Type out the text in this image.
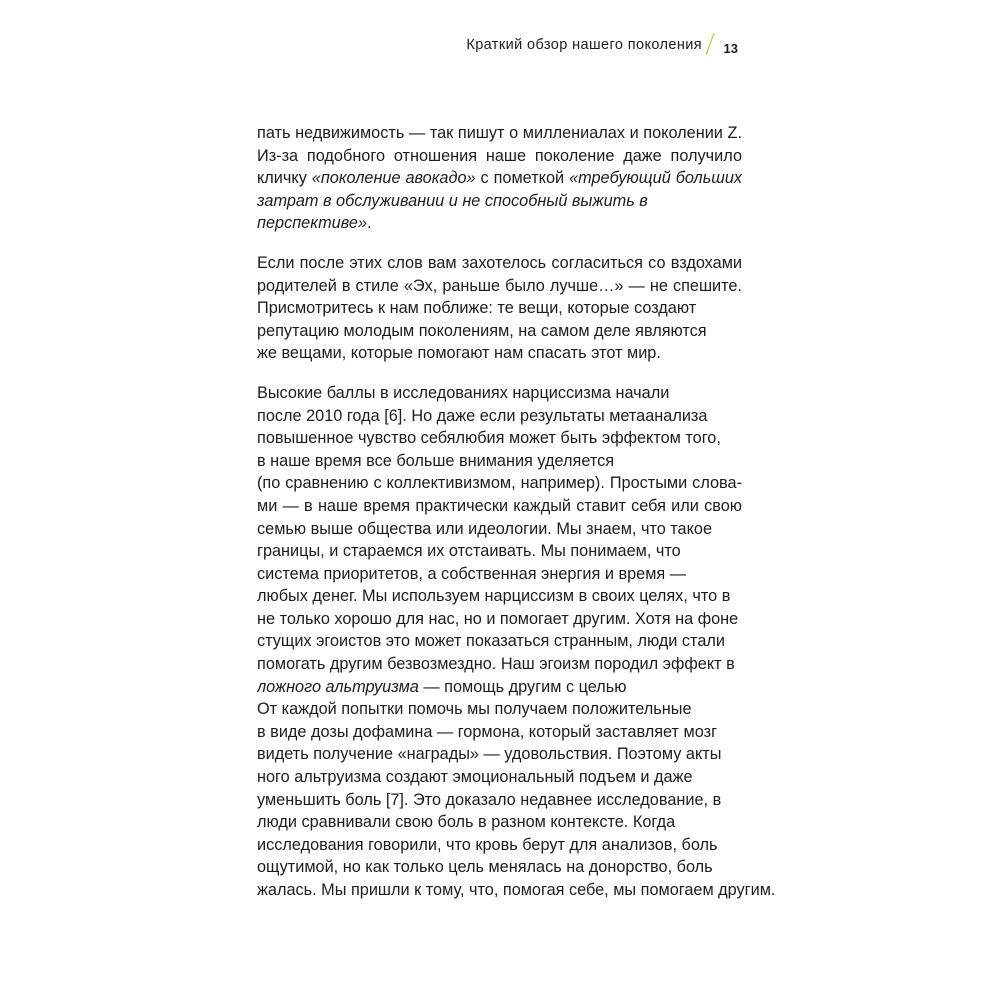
Краткий обзор нашего поколения 13
пать недвижимость — так пишут о миллениалах и поколении Z.
Из-за подобного отношения наше поколение даже получило
кличку «поколение авокадо» с пометкой «требующий больших
затрат в обслуживании и не способный выжить в
перспективе».
Если после этих слов вам захотелось согласиться со вздохами
родителей в стиле «Эх, раньше было лучше…» — не спешите.
Присмотритесь к нам поближе: те вещи, которые создают
репутацию молодым поколениям, на самом деле являются
же вещами, которые помогают нам спасать этот мир.
Высокие баллы в исследованиях нарциссизма начали
после 2010 года [6]. Но даже если результаты метаанализа
повышенное чувство себялюбия может быть эффектом того,
в наше время все больше внимания уделяется
(по сравнению с коллективизмом, например). Простыми слова-
ми — в наше время практически каждый ставит себя или свою
семью выше общества или идеологии. Мы знаем, что такое
границы, и стараемся их отстаивать. Мы понимаем, что
система приоритетов, а собственная энергия и время —
любых денег. Мы используем нарциссизм в своих целях, что в
не только хорошо для нас, но и помогает другим. Хотя на фоне
стущих эгоистов это может показаться странным, люди стали
помогать другим безвозмездно. Наш эгоизм породил эффект в
ложного альтруизма — помощь другим с целью
От каждой попытки помочь мы получаем положительные
в виде дозы дофамина — гормона, который заставляет мозг
видеть получение «награды» — удовольствия. Поэтому акты
ного альтруизма создают эмоциональный подъем и даже
уменьшить боль [7]. Это доказало недавнее исследование, в
люди сравнивали свою боль в разном контексте. Когда
исследования говорили, что кровь берут для анализов, боль
ощутимой, но как только цель менялась на донорство, боль
жалась. Мы пришли к тому, что, помогая себе, мы помогаем другим.
